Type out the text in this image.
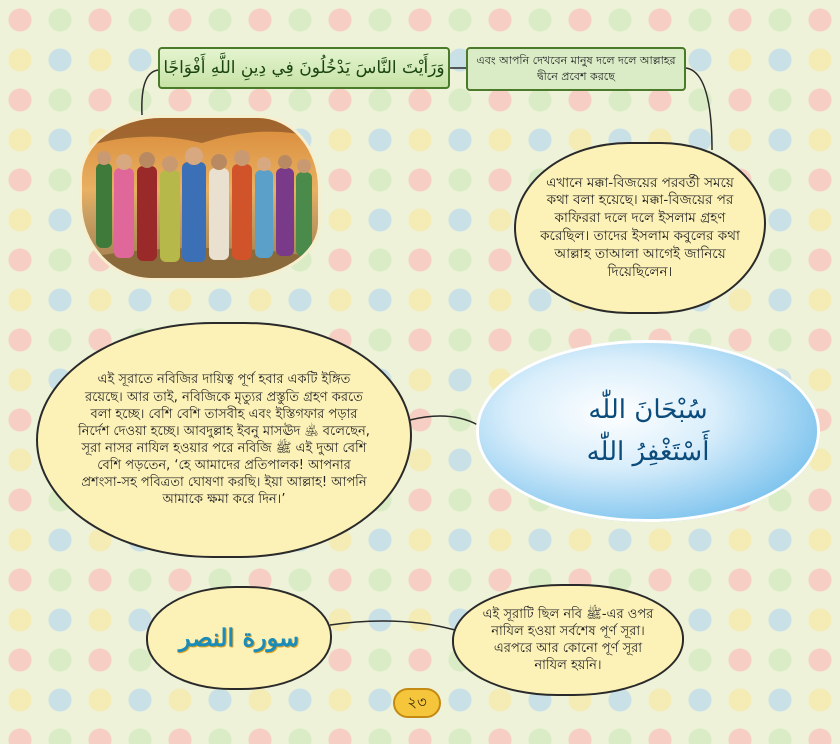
وَرَأَيْتَ النَّاسَ يَدْخُلُونَ فِي دِينِ اللَّهِ أَفْوَاجًا	এবং আপনি দেখবেন মানুষ দলে দলে আল্লাহর দ্বীনে প্রবেশ করছে

এখানে মক্কা-বিজয়ের পরবর্তী সময়ে কথা বলা হয়েছে। মক্কা-বিজয়ের পর কাফিররা দলে দলে ইসলাম গ্রহণ করেছিল। তাদের ইসলাম কবুলের কথা আল্লাহ তাআলা আগেই জানিয়ে দিয়েছিলেন।

এই সূরাতে নবিজির দায়িত্ব পূর্ণ হবার একটি ইঙ্গিত রয়েছে। আর তাই, নবিজিকে মৃত্যুর প্রস্তুতি গ্রহণ করতে বলা হচ্ছে। বেশি বেশি তাসবীহ এবং ইস্তিগফার পড়ার নির্দেশ দেওয়া হচ্ছে। আবদুল্লাহ ইবনু মাসঊদ ﵁ বলেছেন, সূরা নাসর নাযিল হওয়ার পরে নবিজি ﷺ এই দুআ বেশি বেশি পড়তেন, ‘হে আমাদের প্রতিপালক! আপনার প্রশংসা-সহ পবিত্রতা ঘোষণা করছি। ইয়া আল্লাহ! আপনি আমাকে ক্ষমা করে দিন।’

سُبْحَانَ اللّٰه
أَسْتَغْفِرُ اللّٰه
سورة النصر

এই সূরাটি ছিল নবি ﷺ-এর ওপর নাযিল হওয়া সর্বশেষ পূর্ণ সূরা। এরপরে আর কোনো পূর্ণ সূরা নাযিল হয়নি।

২৩
